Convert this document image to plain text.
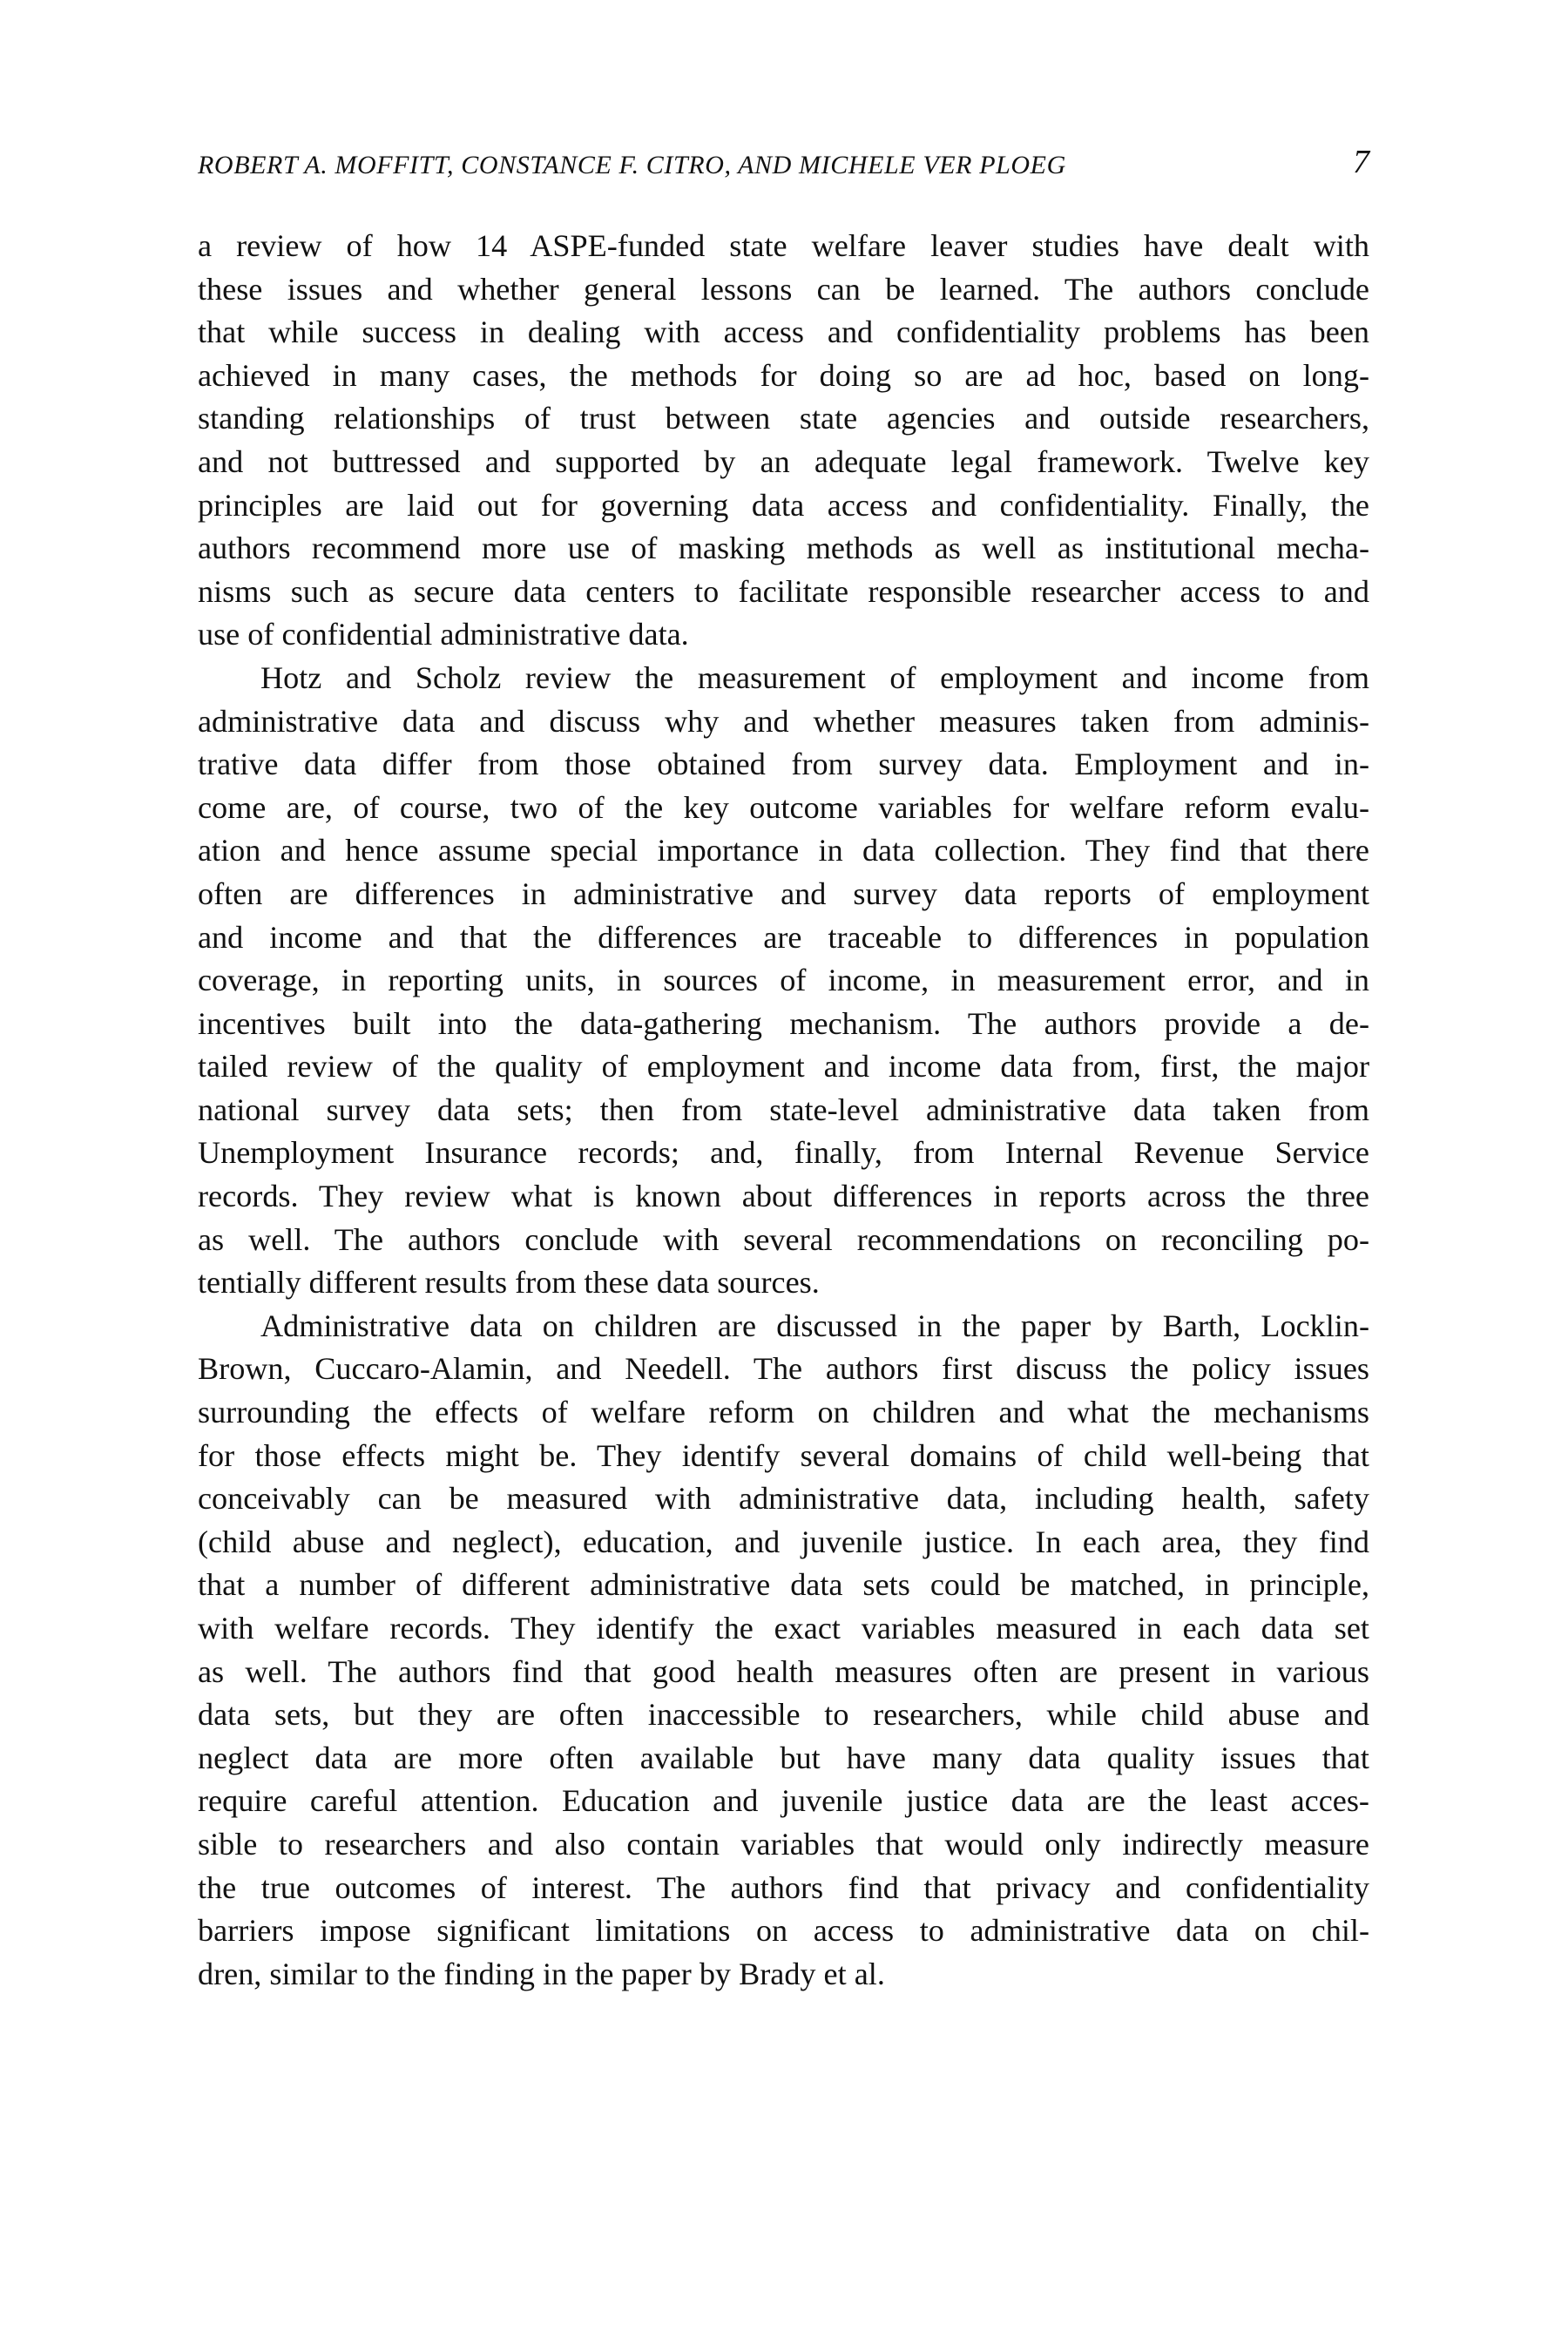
ROBERT A. MOFFITT, CONSTANCE F. CITRO, AND MICHELE VER PLOEG	7
a review of how 14 ASPE-funded state welfare leaver studies have dealt with
these issues and whether general lessons can be learned. The authors conclude
that while success in dealing with access and confidentiality problems has been
achieved in many cases, the methods for doing so are ad hoc, based on long-
standing relationships of trust between state agencies and outside researchers,
and not buttressed and supported by an adequate legal framework. Twelve key
principles are laid out for governing data access and confidentiality. Finally, the
authors recommend more use of masking methods as well as institutional mecha-
nisms such as secure data centers to facilitate responsible researcher access to and
use of confidential administrative data.
Hotz and Scholz review the measurement of employment and income from
administrative data and discuss why and whether measures taken from adminis-
trative data differ from those obtained from survey data. Employment and in-
come are, of course, two of the key outcome variables for welfare reform evalu-
ation and hence assume special importance in data collection. They find that there
often are differences in administrative and survey data reports of employment
and income and that the differences are traceable to differences in population
coverage, in reporting units, in sources of income, in measurement error, and in
incentives built into the data-gathering mechanism. The authors provide a de-
tailed review of the quality of employment and income data from, first, the major
national survey data sets; then from state-level administrative data taken from
Unemployment Insurance records; and, finally, from Internal Revenue Service
records. They review what is known about differences in reports across the three
as well. The authors conclude with several recommendations on reconciling po-
tentially different results from these data sources.
Administrative data on children are discussed in the paper by Barth, Locklin-
Brown, Cuccaro-Alamin, and Needell. The authors first discuss the policy issues
surrounding the effects of welfare reform on children and what the mechanisms
for those effects might be. They identify several domains of child well-being that
conceivably can be measured with administrative data, including health, safety
(child abuse and neglect), education, and juvenile justice. In each area, they find
that a number of different administrative data sets could be matched, in principle,
with welfare records. They identify the exact variables measured in each data set
as well. The authors find that good health measures often are present in various
data sets, but they are often inaccessible to researchers, while child abuse and
neglect data are more often available but have many data quality issues that
require careful attention. Education and juvenile justice data are the least acces-
sible to researchers and also contain variables that would only indirectly measure
the true outcomes of interest. The authors find that privacy and confidentiality
barriers impose significant limitations on access to administrative data on chil-
dren, similar to the finding in the paper by Brady et al.
